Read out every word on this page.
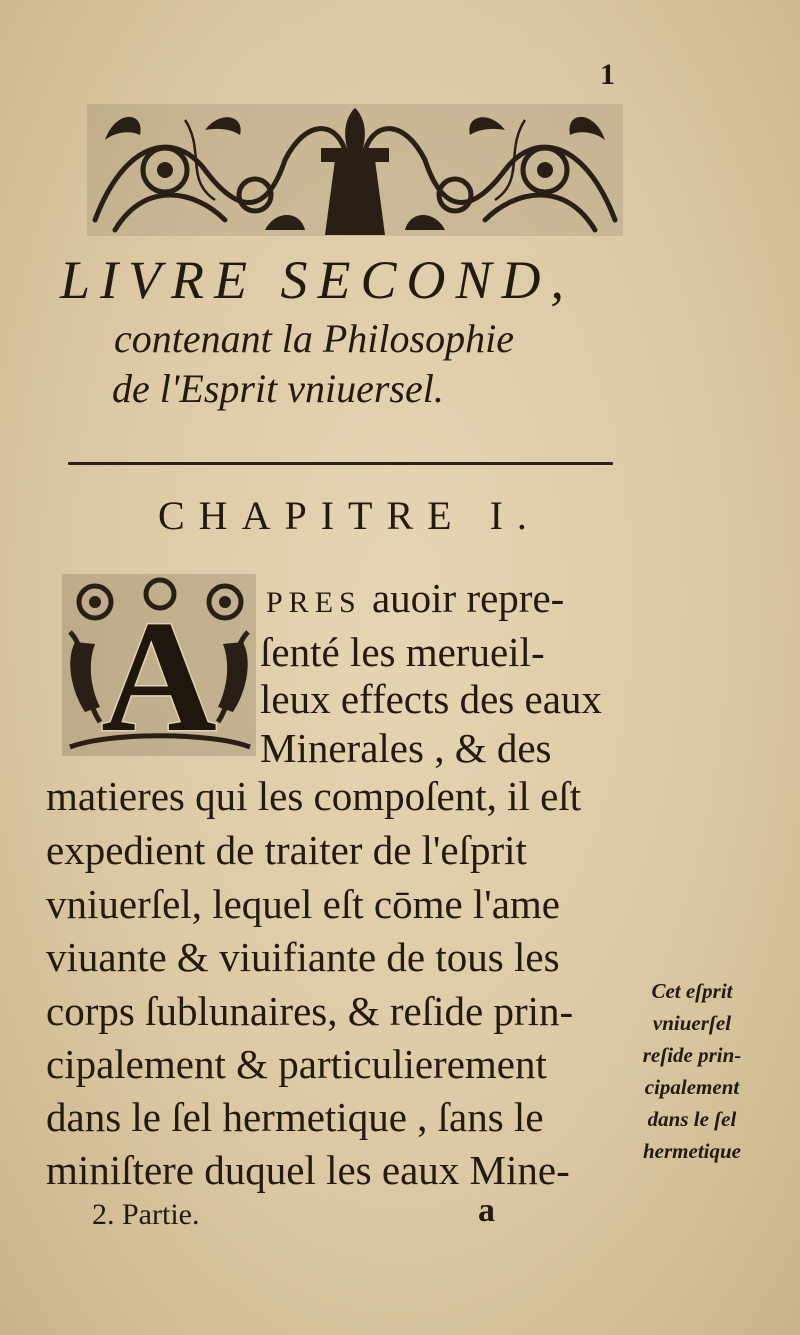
1
LIVRE SECOND,
contenant la Philosophie
de l'Esprit vniuersel.
CHAPITRE I.
A PRES auoir repre-
ſenté les merueil-
leux effects des eaux
Minerales , & des
matieres qui les compoſent, il eſt
expedient de traiter de l'eſprit
vniuerſel, lequel eſt cōme l'ame
viuante & viuifiante de tous les
corps ſublunaires, & reſide prin-
cipalement & particulierement
dans le ſel hermetique , ſans le
miniſtere duquel les eaux Mine-
Cet eſprit
vniuerſel
reſide prin-
cipalement
dans le ſel
hermetique
2. Partie.	a
